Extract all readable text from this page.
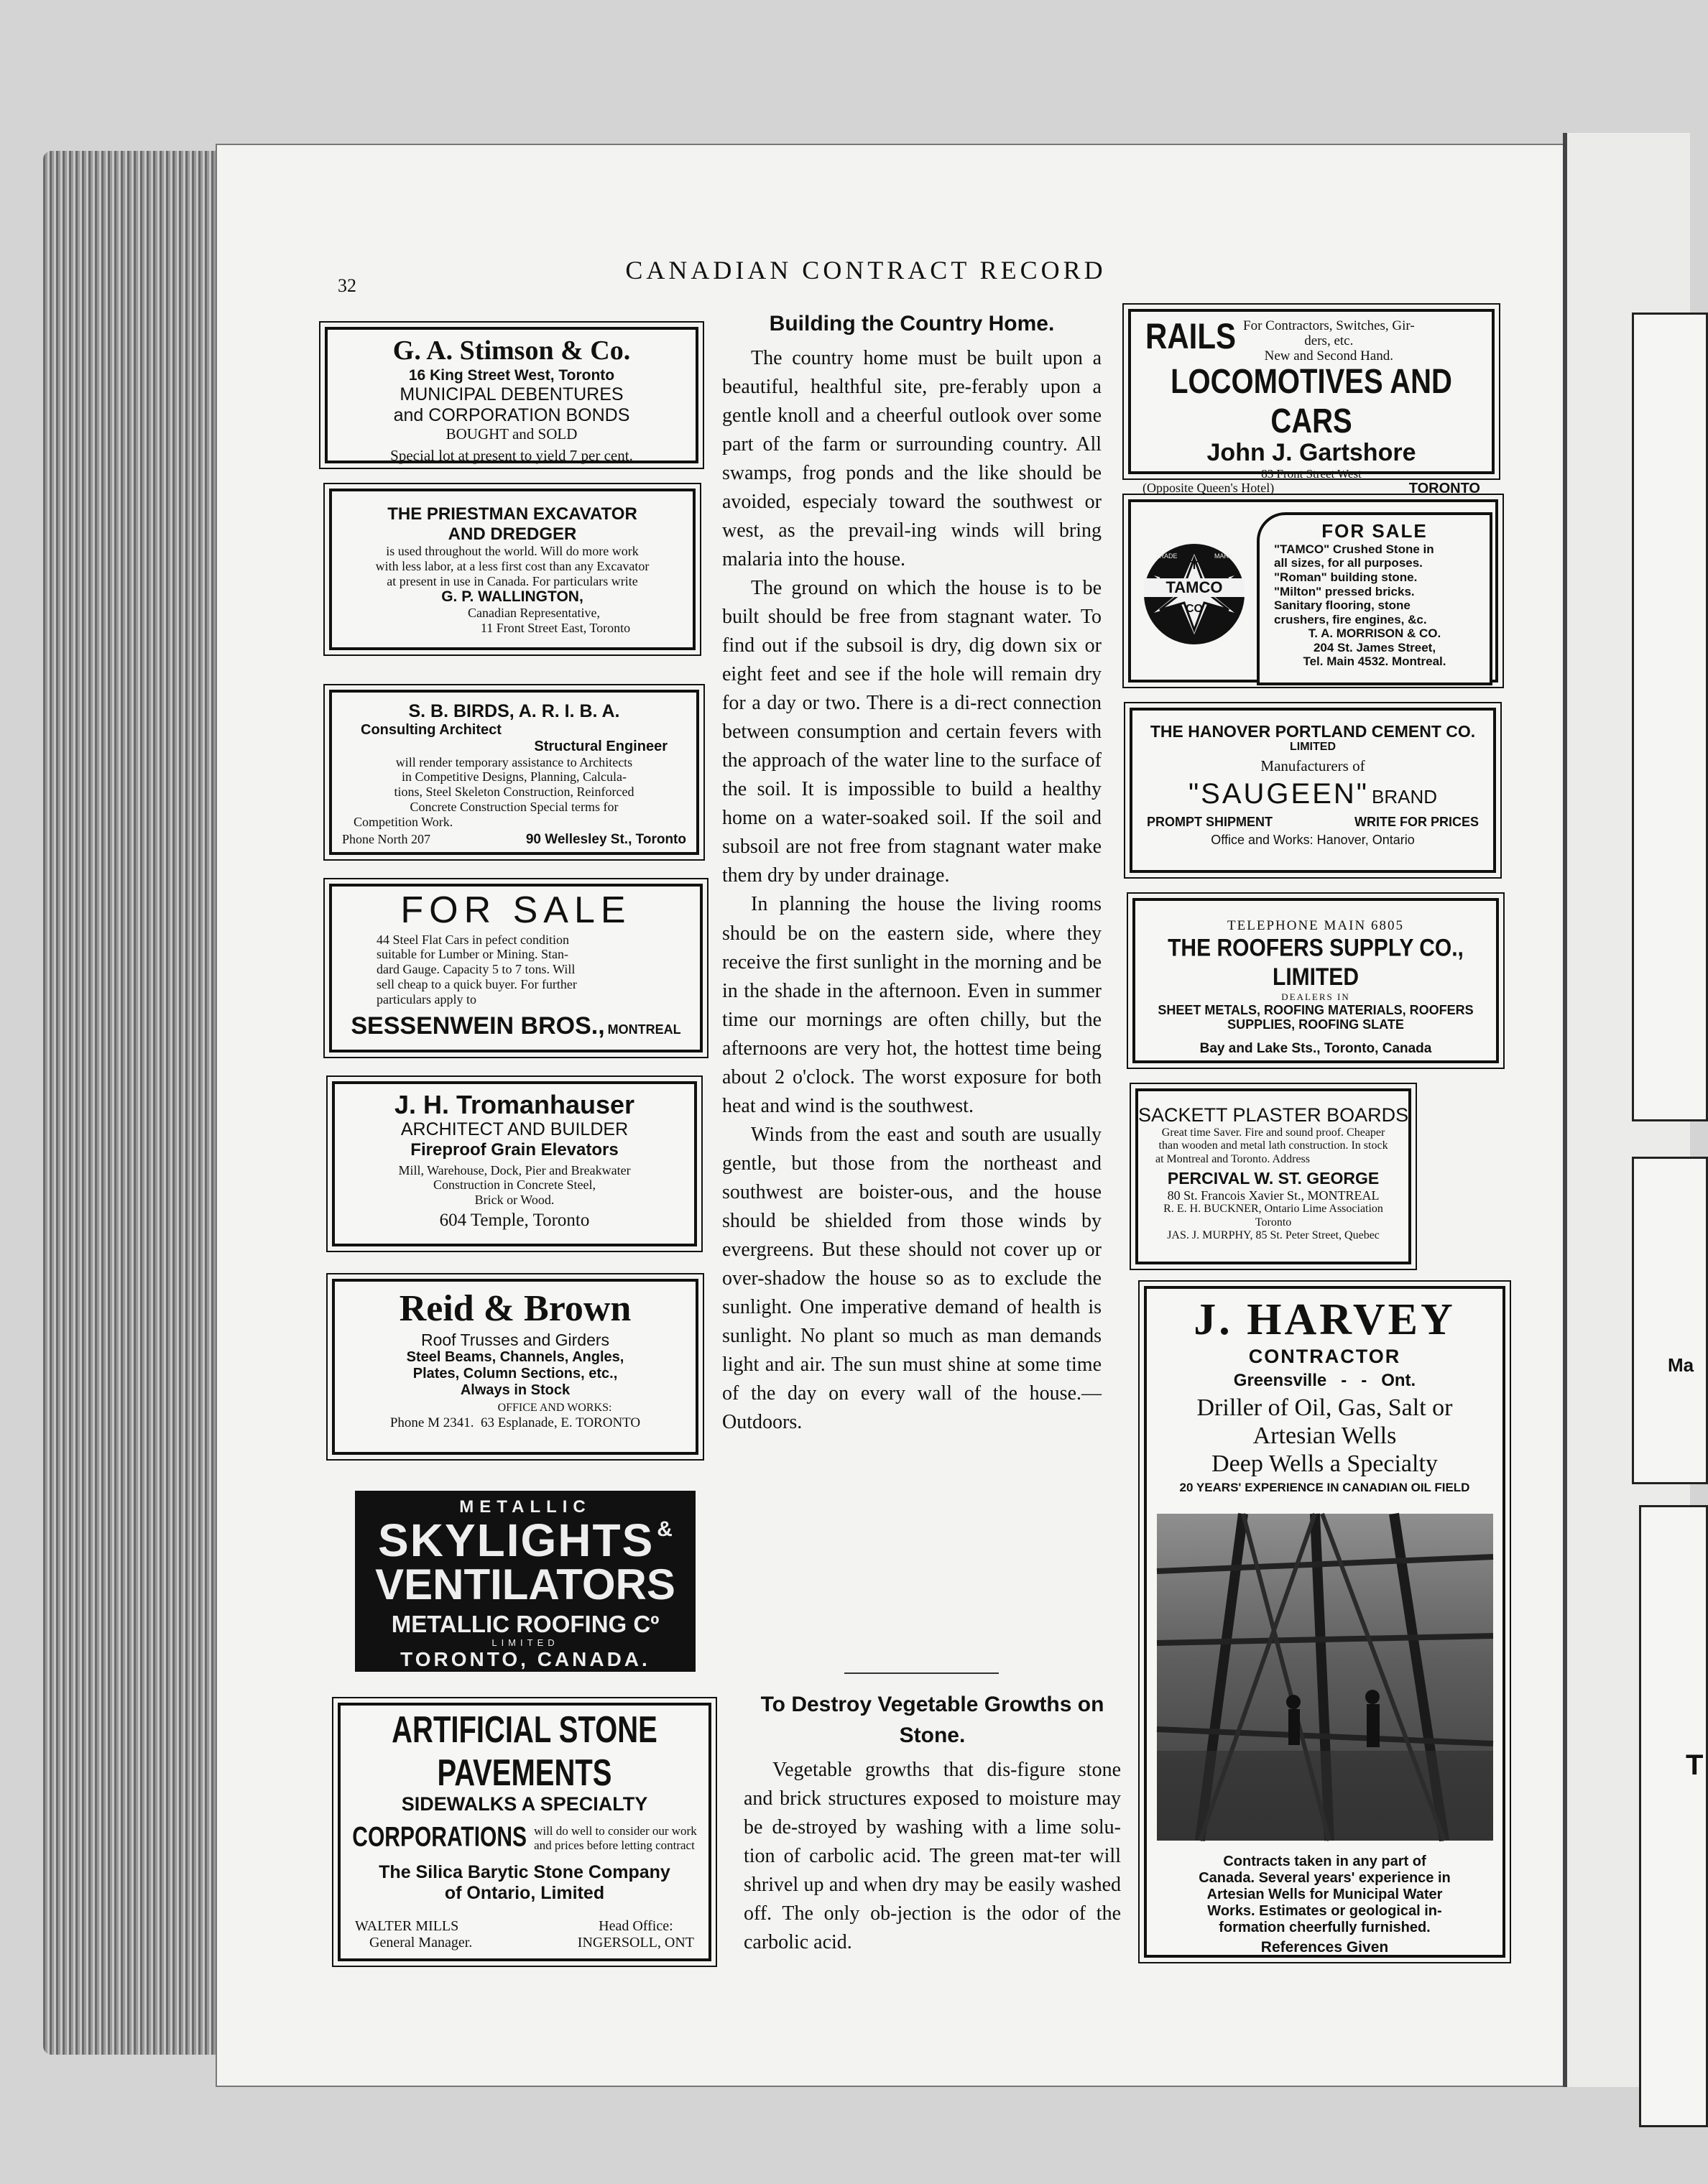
Ma
T
32
CANADIAN CONTRACT RECORD
G. A. Stimson & Co.
16 King Street West, Toronto
MUNICIPAL DEBENTURES
and CORPORATION BONDS
BOUGHT and SOLD
Special lot at present to yield 7 per cent.
THE PRIESTMAN EXCAVATOR
AND DREDGER
is used throughout the world. Will do more work
with less labor, at a less first cost than any Excavator
at present in use in Canada. For particulars write
G. P. WALLINGTON,
Canadian Representative,
11 Front Street East, Toronto
S. B. BIRDS, A. R. I. B. A.
Consulting Architect
Structural Engineer
will render temporary assistance to Architects
in Competitive Designs, Planning, Calcula-
tions, Steel Skeleton Construction, Reinforced
Concrete Construction Special terms for
Competition Work.
Phone North 207	90 Wellesley St., Toronto
FOR SALE
44 Steel Flat Cars in pefect condition
suitable for Lumber or Mining. Stan-
dard Gauge. Capacity 5 to 7 tons. Will
sell cheap to a quick buyer. For further
particulars apply to
SESSENWEIN BROS., MONTREAL
J. H. Tromanhauser
ARCHITECT AND BUILDER
Fireproof Grain Elevators
Mill, Warehouse, Dock, Pier and Breakwater
Construction in Concrete Steel,
Brick or Wood.
604 Temple, Toronto
Reid & Brown
Roof Trusses and Girders
Steel Beams, Channels, Angles,
Plates, Column Sections, etc.,
Always in Stock
OFFICE AND WORKS:
Phone M 2341. 63 Esplanade, E. TORONTO
METALLIC
SKYLIGHTS &
VENTILATORS
METALLIC ROOFING Cº
LIMITED
TORONTO, CANADA.
ARTIFICIAL STONE PAVEMENTS
SIDEWALKS A SPECIALTY
CORPORATIONS will do well to consider our work
and prices before letting contract
The Silica Barytic Stone Company
of Ontario, Limited
WALTER MILLS
General Manager.
Head Office:
INGERSOLL, ONT
Building the Country Home.

The country home must be built upon a beautiful, healthful site, pre-ferably upon a gentle knoll and a cheerful outlook over some part of the farm or surrounding country. All swamps, frog ponds and the like should be avoided, especialy toward the southwest or west, as the prevail-ing winds will bring malaria into the house.

The ground on which the house is to be built should be free from stagnant water. To find out if the subsoil is dry, dig down six or eight feet and see if the hole will remain dry for a day or two. There is a di-rect connection between consumption and certain fevers with the approach of the water line to the surface of the soil. It is impossible to build a healthy home on a water-soaked soil. If the soil and subsoil are not free from stagnant water make them dry by under drainage.

In planning the house the living rooms should be on the eastern side, where they receive the first sunlight in the morning and be in the shade in the afternoon. Even in summer time our mornings are often chilly, but the afternoons are very hot, the hottest time being about 2 o'clock. The worst exposure for both heat and wind is the southwest.

Winds from the east and south are usually gentle, but those from the northeast and southwest are boister-ous, and the house should be shielded from those winds by evergreens. But these should not cover up or over-shadow the house so as to exclude the sunlight. One imperative demand of health is sunlight. No plant so much as man demands light and air. The sun must shine at some time of the day on every wall of the house.— Outdoors.

To Destroy Vegetable Growths on Stone.

Vegetable growths that dis-figure stone and brick structures exposed to moisture may be de-stroyed by washing with a lime solu-tion of carbolic acid. The green mat-ter will shrivel up and when dry may be easily washed off. The only ob-jection is the odor of the carbolic acid.

RAILS For Contractors, Switches, Gir-
ders, etc.
New and Second Hand.
LOCOMOTIVES AND CARS
John J. Gartshore
83 Front Street West
(Opposite Queen's Hotel)	TORONTO
TAMCO
T
CO
TRADE	MARK
FOR SALE
"TAMCO" Crushed Stone in
all sizes, for all purposes.
"Roman" building stone.
"Milton" pressed bricks.
Sanitary flooring, stone
crushers, fire engines, &c.
T. A. MORRISON & CO.
204 St. James Street,
Tel. Main 4532. Montreal.
THE HANOVER PORTLAND CEMENT CO.
LIMITED
Manufacturers of
"SAUGEEN" BRAND
PROMPT SHIPMENT	WRITE FOR PRICES
Office and Works: Hanover, Ontario
TELEPHONE MAIN 6805
THE ROOFERS SUPPLY CO., LIMITED
DEALERS IN
SHEET METALS, ROOFING MATERIALS, ROOFERS
SUPPLIES, ROOFING SLATE
Bay and Lake Sts., Toronto, Canada
SACKETT PLASTER BOARDS
Great time Saver. Fire and sound proof. Cheaper
than wooden and metal lath construction. In stock
at Montreal and Toronto. Address
PERCIVAL W. ST. GEORGE
80 St. Francois Xavier St., MONTREAL
R. E. H. BUCKNER, Ontario Lime Association
Toronto
JAS. J. MURPHY, 85 St. Peter Street, Quebec
J. HARVEY
CONTRACTOR
Greensville   -   -   Ont.
Driller of Oil, Gas, Salt or
Artesian Wells
Deep Wells a Specialty
20 YEARS' EXPERIENCE IN CANADIAN OIL FIELD
Contracts taken in any part of
Canada. Several years' experience in
Artesian Wells for Municipal Water
Works. Estimates or geological in-
formation cheerfully furnished.
References Given
